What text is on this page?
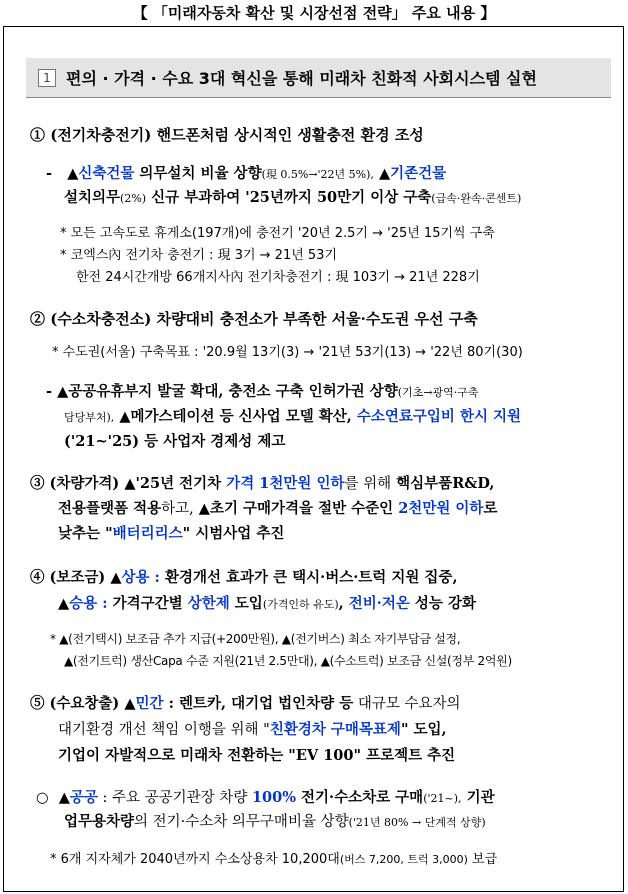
【 「미래자동차 확산 및 시장선점 전략」 주요 내용 】
1 편의 · 가격 · 수요 3대 혁신을 통해 미래차 친화적 사회시스템 실현
① (전기차충전기) 핸드폰처럼 상시적인 생활충전 환경 조성
- ▲신축건물 의무설치 비율 상향(現 0.5%→'22년 5%), ▲기존건물
설치의무(2%) 신규 부과하여 '25년까지 50만기 이상 구축(급속·완속·콘센트)
* 모든 고속도로 휴게소(197개)에 충전기 '20년 2.5기 → '25년 15기씩 구축
* 코엑스內 전기차 충전기 : 現 3기 → 21년 53기
한전 24시간개방 66개지사內 전기차충전기 : 現 103기 → 21년 228기
② (수소차충전소) 차량대비 충전소가 부족한 서울·수도권 우선 구축
* 수도권(서울) 구축목표 : '20.9월 13기(3) → '21년 53기(13) → '22년 80기(30)
- ▲공공유휴부지 발굴 확대, 충전소 구축 인허가권 상향(기초→광역·구축
담당부처), ▲메가스테이션 등 신사업 모델 확산, 수소연료구입비 한시 지원
('21~'25) 등 사업자 경제성 제고
③ (차량가격) ▲'25년 전기차 가격 1천만원 인하를 위해 핵심부품R&D,
전용플랫폼 적용하고, ▲초기 구매가격을 절반 수준인 2천만원 이하로
낮추는 "배터리리스" 시범사업 추진
④ (보조금) ▲상용 : 환경개선 효과가 큰 택시·버스·트럭 지원 집중,
▲승용 : 가격구간별 상한제 도입(가격인하 유도), 전비·저온 성능 강화
* ▲(전기택시) 보조금 추가 지급(+200만원), ▲(전기버스) 최소 자기부담금 설정,
▲(전기트럭) 생산Capa 수준 지원(21년 2.5만대), ▲(수소트럭) 보조금 신설(정부 2억원)
⑤ (수요창출) ▲민간 : 렌트카, 대기업 법인차량 등 대규모 수요자의
대기환경 개선 책임 이행을 위해 "친환경차 구매목표제" 도입,
기업이 자발적으로 미래차 전환하는 "EV 100" 프로젝트 추진
○ ▲공공 : 주요 공공기관장 차량 100% 전기·수소차로 구매('21~), 기관
업무용차량의 전기·수소차 의무구매비율 상향('21년 80% → 단계적 상향)
* 6개 지자체가 2040년까지 수소상용차 10,200대(버스 7,200, 트럭 3,000) 보급
